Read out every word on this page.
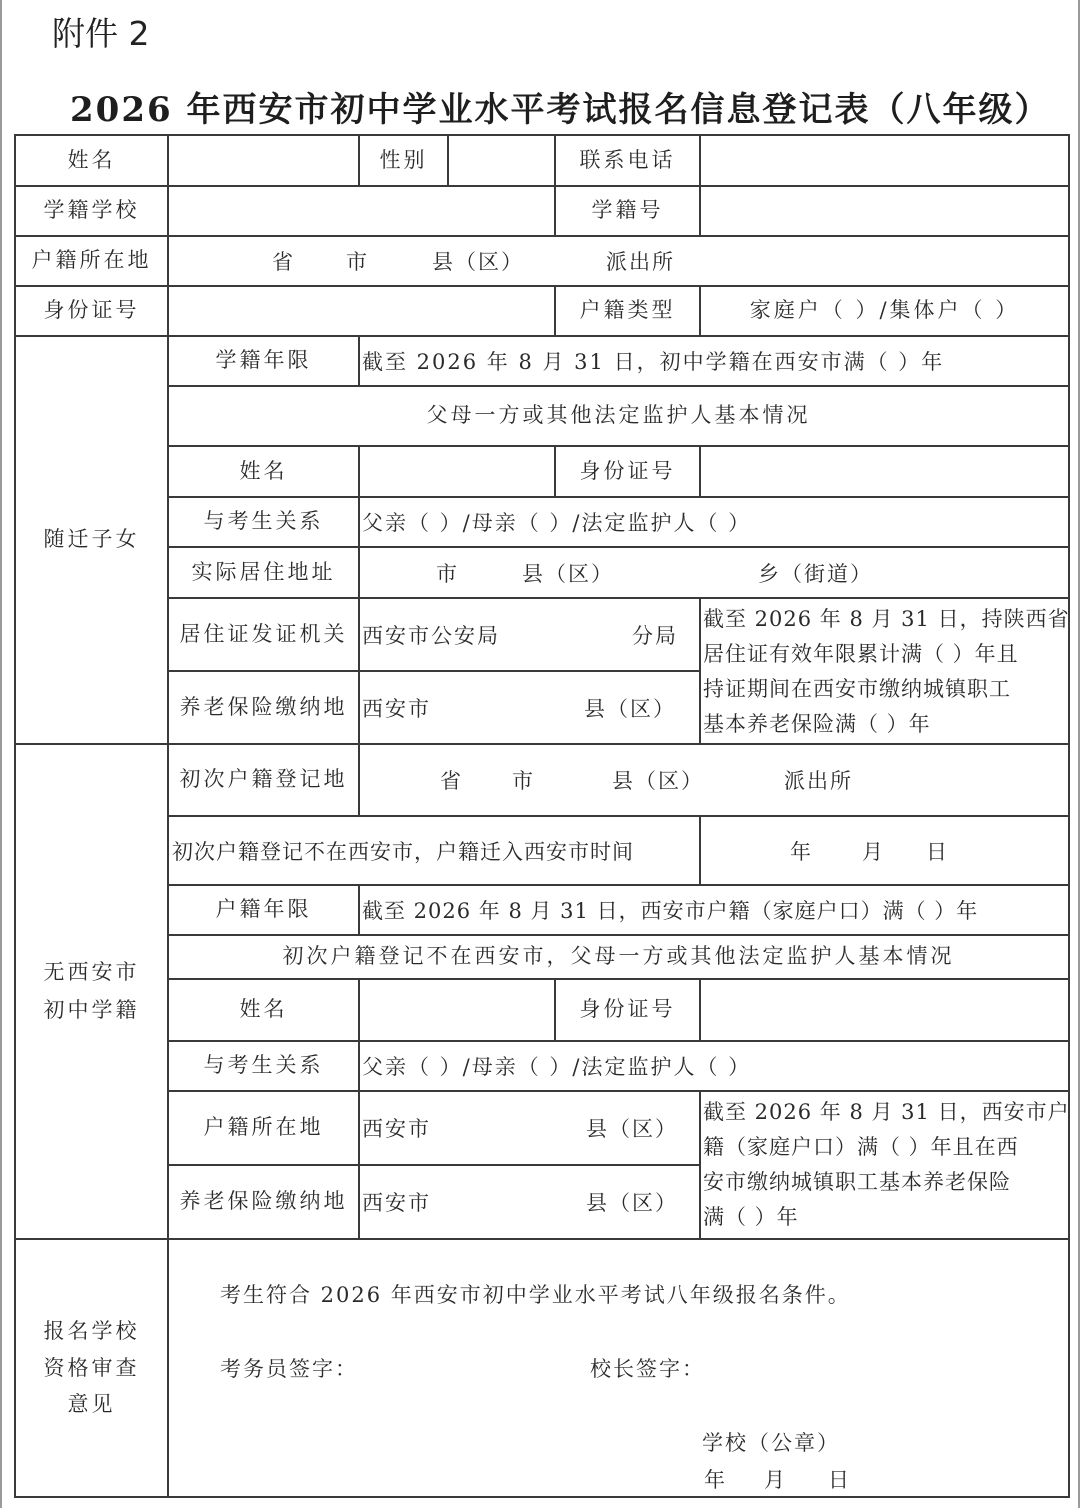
附件 2
2026 年西安市初中学业水平考试报名信息登记表（八年级）
姓名	性别	联系电话
学籍学校	学籍号
户籍所在地	省 市	县（区）	派出所
身份证号	户籍类型	家庭户（ ）/集体户（ ）
随迁子女
学籍年限	截至 2026 年 8 月 31 日，初中学籍在西安市满（ ）年
父母一方或其他法定监护人基本情况
姓名	身份证号
与考生关系	父亲（ ）/母亲（ ）/法定监护人（ ）
实际居住地址	市	县（区）	乡（街道）
居住证发证机关 西安市公安局	分局
养老保险缴纳地 西安市	县（区）
截至 2026 年 8 月 31 日，持陕西省
居住证有效年限累计满（ ）年且
持证期间在西安市缴纳城镇职工
基本养老保险满（ ）年
无西安市
初中学籍
初次户籍登记地	省 市	县（区）	派出所
初次户籍登记不在西安市，户籍迁入西安市时间	年 月 日
户籍年限	截至 2026 年 8 月 31 日，西安市户籍（家庭户口）满（ ）年
初次户籍登记不在西安市，父母一方或其他法定监护人基本情况
姓名	身份证号
与考生关系	父亲（ ）/母亲（ ）/法定监护人（ ）
户籍所在地	西安市	县（区）
养老保险缴纳地 西安市	县（区）
截至 2026 年 8 月 31 日，西安市户
籍（家庭户口）满（ ）年且在西
安市缴纳城镇职工基本养老保险
满（ ）年
报名学校
资格审查
意见
考生符合 2026 年西安市初中学业水平考试八年级报名条件。
考务员签字：	校长签字：
学校（公章）
年 月 日
